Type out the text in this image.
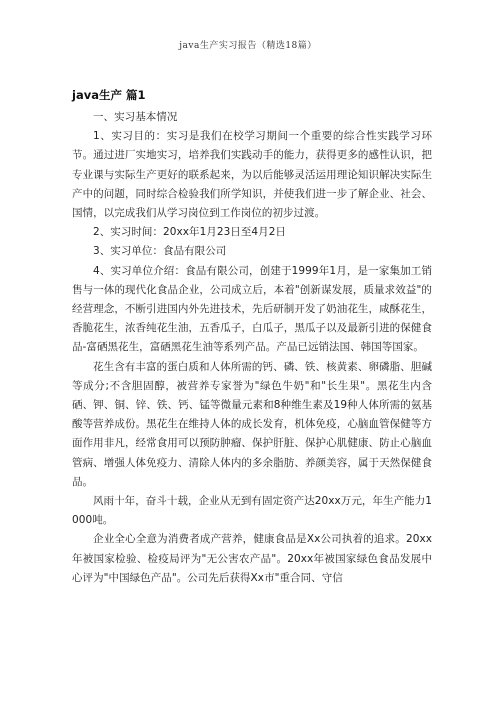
java生产实习报告（精选18篇）
java生产 篇1

一、实习基本情况

1、实习目的：实习是我们在校学习期间一个重要的综合性实践学习环节。通过进厂实地实习，培养我们实践动手的能力，获得更多的感性认识，把专业课与实际生产更好的联系起来，为以后能够灵活运用理论知识解决实际生产中的问题，同时综合检验我们所学知识，并使我们进一步了解企业、社会、国情，以完成我们从学习岗位到工作岗位的初步过渡。

2、实习时间：20xx年1月23日至4月2日

3、实习单位：食品有限公司

4、实习单位介绍：食品有限公司，创建于1999年1月，是一家集加工销售与一体的现代化食品企业，公司成立后，本着"创新谋发展，质量求效益"的经营理念，不断引进国内外先进技术，先后研制开发了奶油花生，咸酥花生，香脆花生，浓香纯花生油，五香瓜子，白瓜子，黑瓜子以及最新引进的保健食品-富硒黑花生，富硒黑花生油等系列产品。产品已远销法国、韩国等国家。

花生含有丰富的蛋白质和人体所需的钙、磷、铁、核黄素、卵磷脂、胆碱等成分;不含胆固醇，被营养专家誉为"绿色牛奶"和"长生果"。黑花生内含硒、钾、铜、锌、铁、钙、锰等微量元素和8种维生素及19种人体所需的氨基酸等营养成份。黑花生在维持人体的成长发育，机体免疫，心脑血管保健等方面作用非凡，经常食用可以预防肿瘤、保护肝脏、保护心肌健康、防止心脑血管病、增强人体免疫力、清除人体内的多余脂肪、养颜美容，属于天然保健食品。

风雨十年，奋斗十载，企业从无到有固定资产达20xx万元，年生产能力1000吨。

企业全心全意为消费者成产营养，健康食品是Xx公司执着的追求。20xx年被国家检验、检疫局评为"无公害农产品"。20xx年被国家绿色食品发展中心评为"中国绿色产品"。公司先后获得Xx市"重合同、守信
